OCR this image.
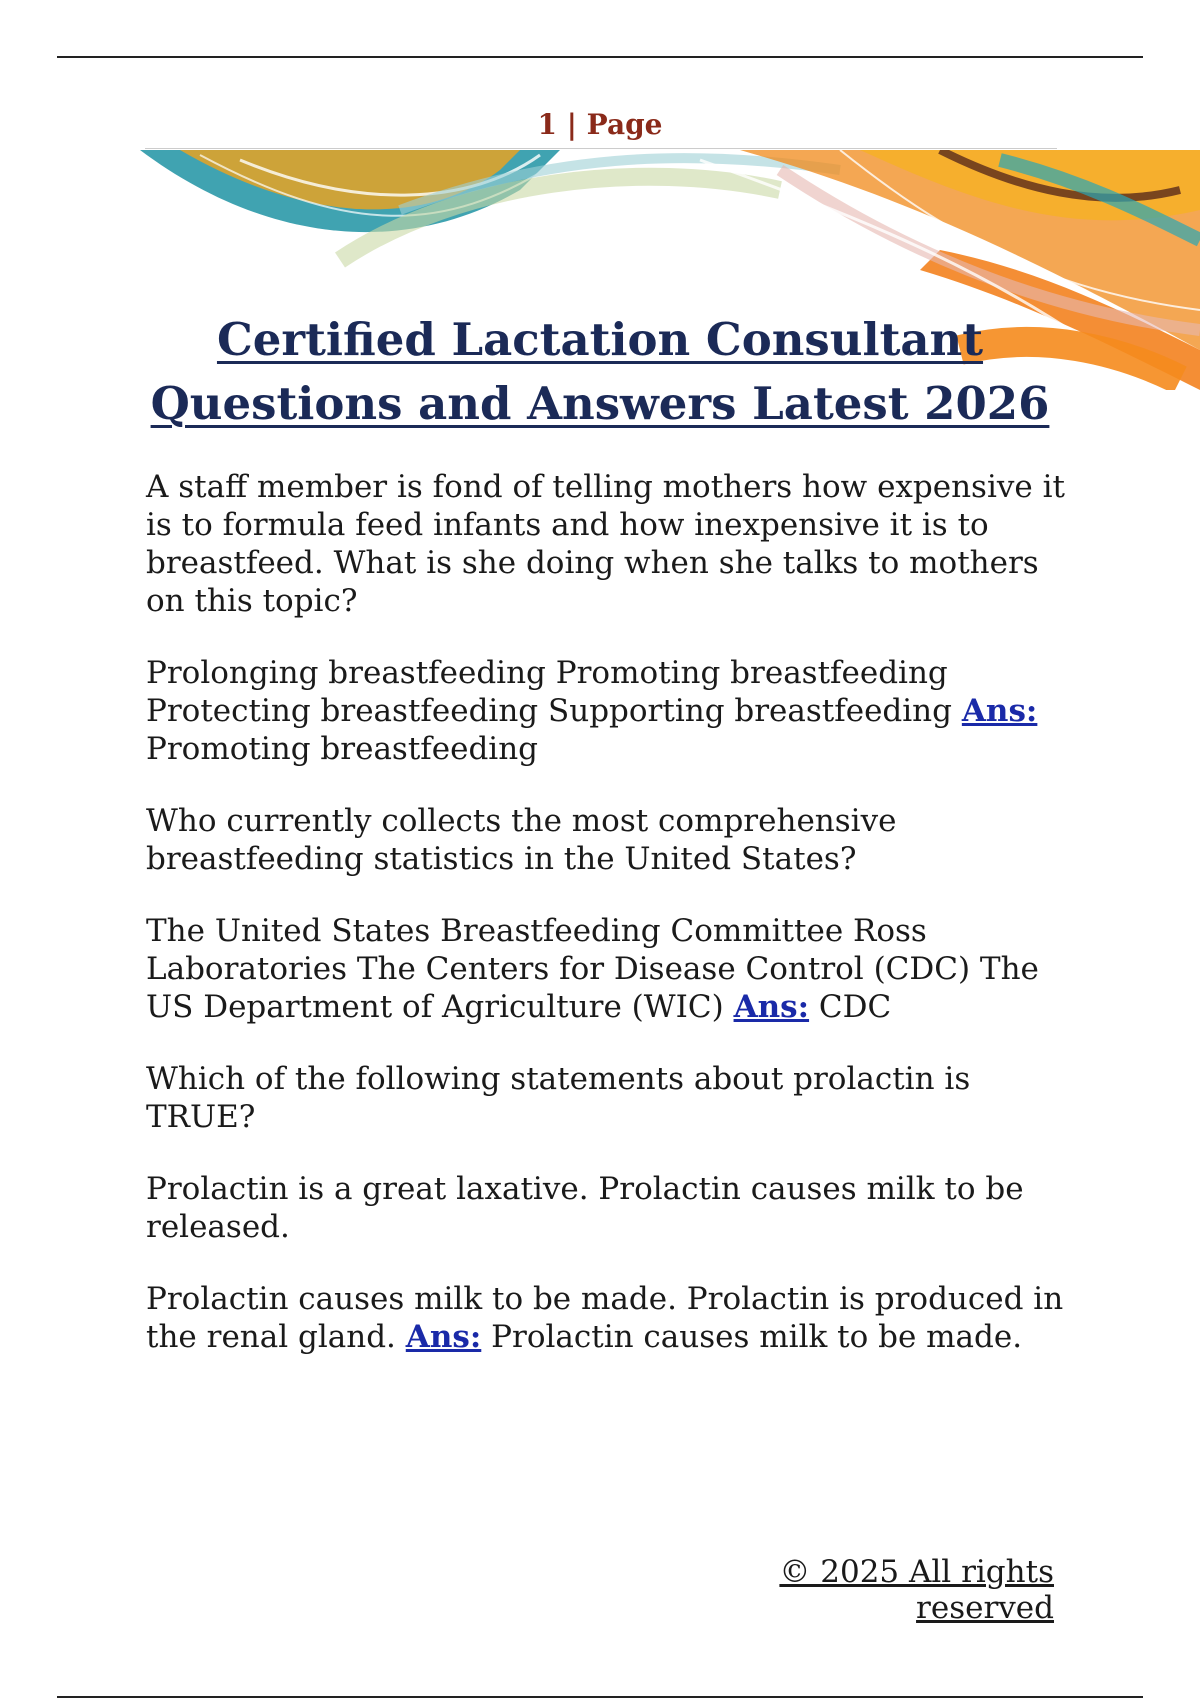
1 | Page
Certified Lactation Consultant
Questions and Answers Latest 2026

A staff member is fond of telling mothers how expensive it is to formula feed infants and how inexpensive it is to breastfeed. What is she doing when she talks to mothers on this topic?

Prolonging breastfeeding Promoting breastfeeding Protecting breastfeeding Supporting breastfeeding Ans: Promoting breastfeeding

Who currently collects the most comprehensive breastfeeding statistics in the United States?

The United States Breastfeeding Committee Ross Laboratories The Centers for Disease Control (CDC) The US Department of Agriculture (WIC) Ans: CDC

Which of the following statements about prolactin is TRUE?

Prolactin is a great laxative. Prolactin causes milk to be released.

Prolactin causes milk to be made. Prolactin is produced in the renal gland. Ans: Prolactin causes milk to be made.

© 2025 All rights reserved
